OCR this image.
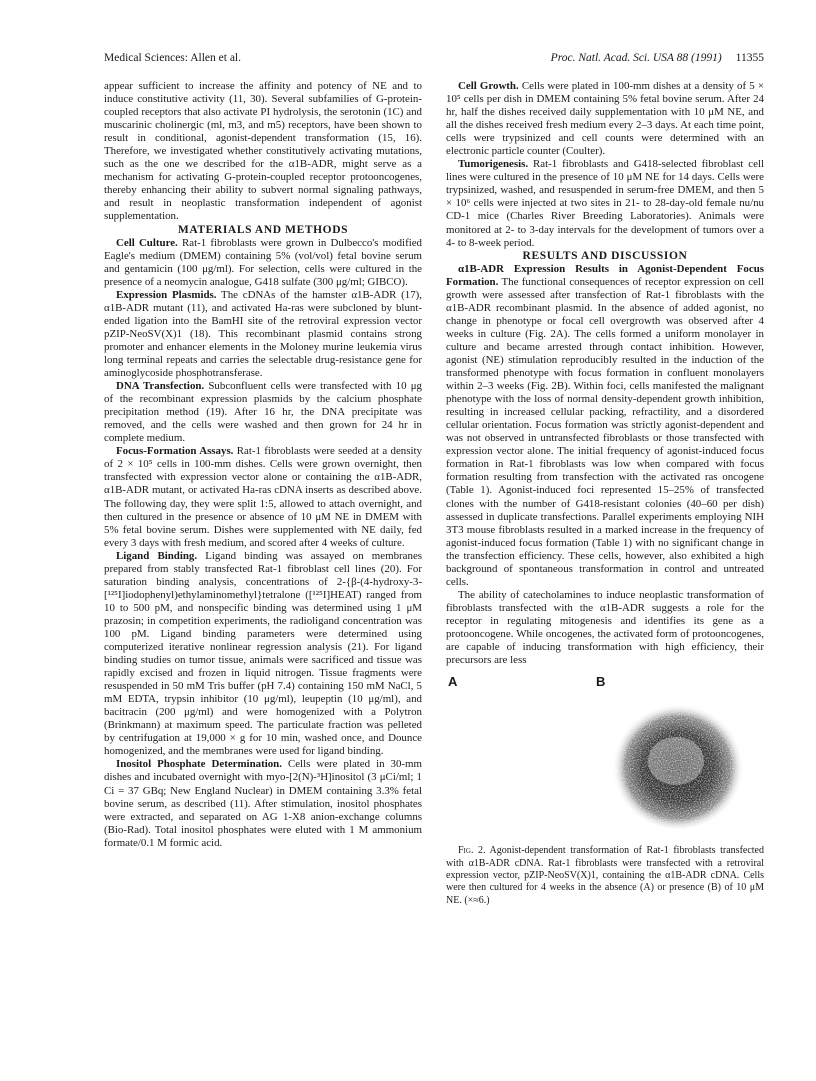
Medical Sciences: Allen et al.	Proc. Natl. Acad. Sci. USA 88 (1991) 11355

appear sufficient to increase the affinity and potency of NE and to induce constitutive activity (11, 30). Several subfamilies of G-protein-coupled receptors that also activate PI hydrolysis, the serotonin (1C) and muscarinic cholinergic (ml, m3, and m5) receptors, have been shown to result in conditional, agonist-dependent transformation (15, 16). Therefore, we investigated whether constitutively activating mutations, such as the one we described for the α1B-ADR, might serve as a mechanism for activating G-protein-coupled receptor protooncogenes, thereby enhancing their ability to subvert normal signaling pathways, and result in neoplastic transformation independent of agonist supplementation.

MATERIALS AND METHODS

Cell Culture. Rat-1 fibroblasts were grown in Dulbecco's modified Eagle's medium (DMEM) containing 5% (vol/vol) fetal bovine serum and gentamicin (100 μg/ml). For selection, cells were cultured in the presence of a neomycin analogue, G418 sulfate (300 μg/ml; GIBCO).

Expression Plasmids. The cDNAs of the hamster α1B-ADR (17), α1B-ADR mutant (11), and activated Ha-ras were subcloned by blunt-ended ligation into the BamHI site of the retroviral expression vector pZIP-NeoSV(X)1 (18). This recombinant plasmid contains strong promoter and enhancer elements in the Moloney murine leukemia virus long terminal repeats and carries the selectable drug-resistance gene for aminoglycoside phosphotransferase.

DNA Transfection. Subconfluent cells were transfected with 10 μg of the recombinant expression plasmids by the calcium phosphate precipitation method (19). After 16 hr, the DNA precipitate was removed, and the cells were washed and then grown for 24 hr in complete medium.

Focus-Formation Assays. Rat-1 fibroblasts were seeded at a density of 2 × 10⁵ cells in 100-mm dishes. Cells were grown overnight, then transfected with expression vector alone or containing the α1B-ADR, α1B-ADR mutant, or activated Ha-ras cDNA inserts as described above. The following day, they were split 1:5, allowed to attach overnight, and then cultured in the presence or absence of 10 μM NE in DMEM with 5% fetal bovine serum. Dishes were supplemented with NE daily, fed every 3 days with fresh medium, and scored after 4 weeks of culture.

Ligand Binding. Ligand binding was assayed on membranes prepared from stably transfected Rat-1 fibroblast cell lines (20). For saturation binding analysis, concentrations of 2-{β-(4-hydroxy-3-[¹²⁵I]iodophenyl)ethylaminomethyl}tetralone ([¹²⁵I]HEAT) ranged from 10 to 500 pM, and nonspecific binding was determined using 1 μM prazosin; in competition experiments, the radioligand concentration was 100 pM. Ligand binding parameters were determined using computerized iterative nonlinear regression analysis (21). For ligand binding studies on tumor tissue, animals were sacrificed and tissue was rapidly excised and frozen in liquid nitrogen. Tissue fragments were resuspended in 50 mM Tris buffer (pH 7.4) containing 150 mM NaCl, 5 mM EDTA, trypsin inhibitor (10 μg/ml), leupeptin (10 μg/ml), and bacitracin (200 μg/ml) and were homogenized with a Polytron (Brinkmann) at maximum speed. The particulate fraction was pelleted by centrifugation at 19,000 × g for 10 min, washed once, and Dounce homogenized, and the membranes were used for ligand binding.

Inositol Phosphate Determination. Cells were plated in 30-mm dishes and incubated overnight with myo-[2(N)-³H]inositol (3 μCi/ml; 1 Ci = 37 GBq; New England Nuclear) in DMEM containing 3.3% fetal bovine serum, as described (11). After stimulation, inositol phosphates were extracted, and separated on AG 1-X8 anion-exchange columns (Bio-Rad). Total inositol phosphates were eluted with 1 M ammonium formate/0.1 M formic acid.

Cell Growth. Cells were plated in 100-mm dishes at a density of 5 × 10⁵ cells per dish in DMEM containing 5% fetal bovine serum. After 24 hr, half the dishes received daily supplementation with 10 μM NE, and all the dishes received fresh medium every 2–3 days. At each time point, cells were trypsinized and cell counts were determined with an electronic particle counter (Coulter).

Tumorigenesis. Rat-1 fibroblasts and G418-selected fibroblast cell lines were cultured in the presence of 10 μM NE for 14 days. Cells were trypsinized, washed, and resuspended in serum-free DMEM, and then 5 × 10⁶ cells were injected at two sites in 21- to 28-day-old female nu/nu CD-1 mice (Charles River Breeding Laboratories). Animals were monitored at 2- to 3-day intervals for the development of tumors over a 4- to 8-week period.

RESULTS AND DISCUSSION

α1B-ADR Expression Results in Agonist-Dependent Focus Formation. The functional consequences of receptor expression on cell growth were assessed after transfection of Rat-1 fibroblasts with the α1B-ADR recombinant plasmid. In the absence of added agonist, no change in phenotype or focal cell overgrowth was observed after 4 weeks in culture (Fig. 2A). The cells formed a uniform monolayer in culture and became arrested through contact inhibition. However, agonist (NE) stimulation reproducibly resulted in the induction of the transformed phenotype with focus formation in confluent monolayers within 2–3 weeks (Fig. 2B). Within foci, cells manifested the malignant phenotype with the loss of normal density-dependent growth inhibition, resulting in increased cellular packing, refractility, and a disordered cellular orientation. Focus formation was strictly agonist-dependent and was not observed in untransfected fibroblasts or those transfected with expression vector alone. The initial frequency of agonist-induced focus formation in Rat-1 fibroblasts was low when compared with focus formation resulting from transfection with the activated ras oncogene (Table 1). Agonist-induced foci represented 15–25% of transfected clones with the number of G418-resistant colonies (40–60 per dish) assessed in duplicate transfections. Parallel experiments employing NIH 3T3 mouse fibroblasts resulted in a marked increase in the frequency of agonist-induced focus formation (Table 1) with no significant change in the transfection efficiency. These cells, however, also exhibited a high background of spontaneous transformation in control and untreated cells.

The ability of catecholamines to induce neoplastic transformation of fibroblasts transfected with the α1B-ADR suggests a role for the receptor in regulating mitogenesis and identifies its gene as a protooncogene. While oncogenes, the activated form of protooncogenes, are capable of inducing transformation with high efficiency, their precursors are less

A	B

Fig. 2. Agonist-dependent transformation of Rat-1 fibroblasts transfected with α1B-ADR cDNA. Rat-1 fibroblasts were transfected with a retroviral expression vector, pZIP-NeoSV(X)1, containing the α1B-ADR cDNA. Cells were then cultured for 4 weeks in the absence (A) or presence (B) of 10 μM NE. (×≈6.)
